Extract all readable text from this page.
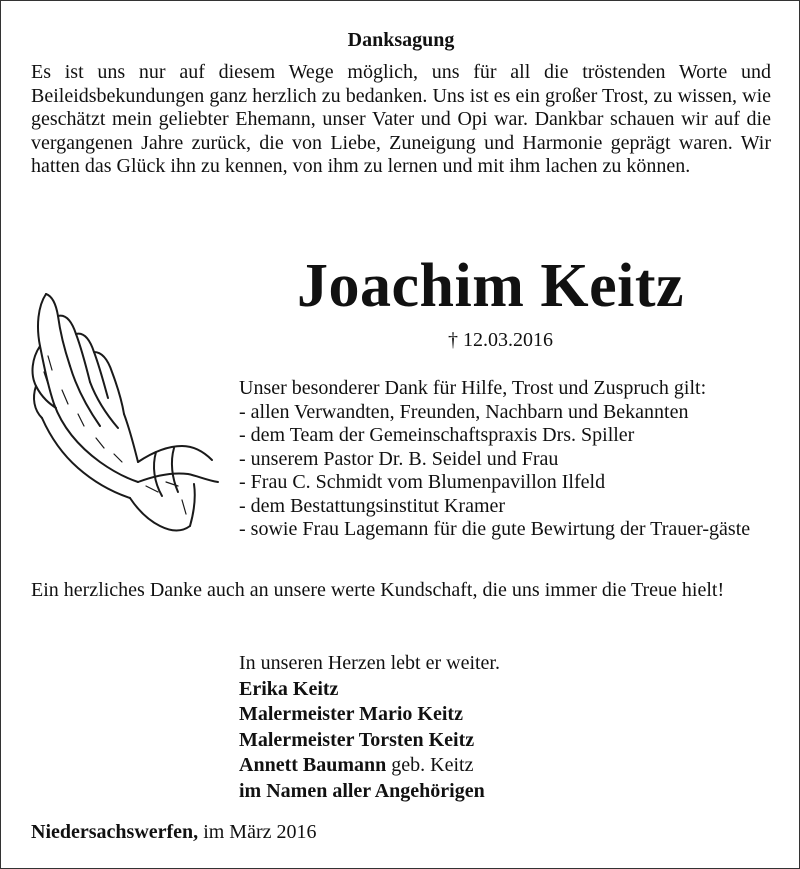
Danksagung

Es ist uns nur auf diesem Wege möglich, uns für all die tröstenden Worte und Beileidsbekundungen ganz herzlich zu bedanken. Uns ist es ein großer Trost, zu wissen, wie geschätzt mein geliebter Ehemann, unser Vater und Opi war. Dankbar schauen wir auf die vergangenen Jahre zurück, die von Liebe, Zuneigung und Harmonie geprägt waren. Wir hatten das Glück ihn zu kennen, von ihm zu lernen und mit ihm lachen zu können.

Joachim Keitz
† 12.03.2016

Unser besonderer Dank für Hilfe, Trost und Zuspruch gilt:

- allen Verwandten, Freunden, Nachbarn und Bekannten
- dem Team der Gemeinschaftspraxis Drs. Spiller
- unserem Pastor Dr. B. Seidel und Frau
- Frau C. Schmidt vom Blumenpavillon Ilfeld
- dem Bestattungsinstitut Kramer
- sowie Frau Lagemann für die gute Bewirtung der Trauer-gäste

Ein herzliches Danke auch an unsere werte Kundschaft, die uns immer die Treue hielt!

In unseren Herzen lebt er weiter.
Erika Keitz
Malermeister Mario Keitz
Malermeister Torsten Keitz
Annett Baumann geb. Keitz
im Namen aller Angehörigen
Niedersachswerfen, im März 2016
